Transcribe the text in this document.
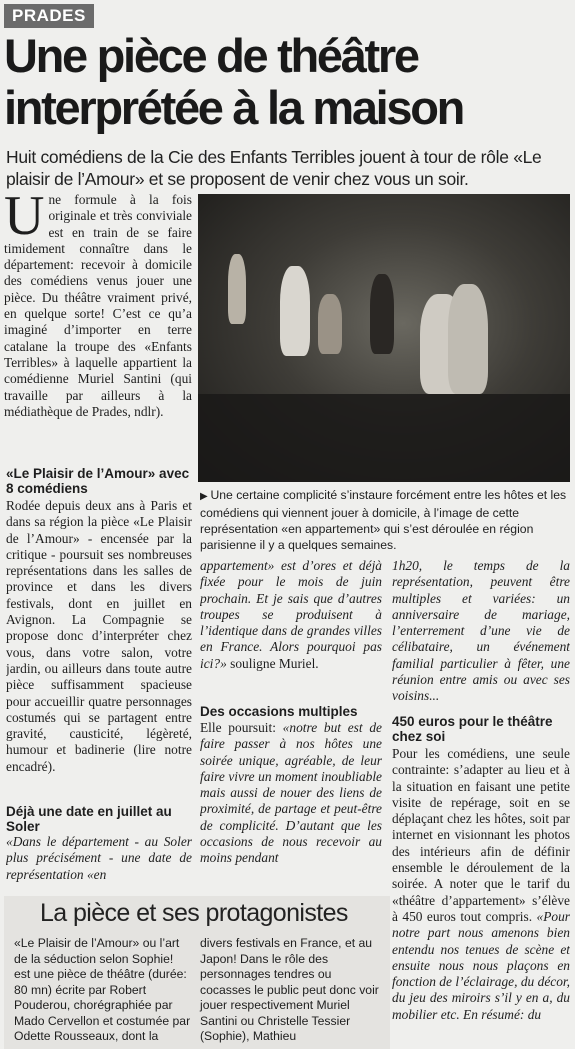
PRADES
Une pièce de théâtre interprétée à la maison
Huit comédiens de la Cie des Enfants Terribles jouent à tour de rôle «Le plaisir de l’Amour» et se proposent de venir chez vous un soir.
Une formule à la fois originale et très conviviale est en train de se faire timidement connaître dans le département: recevoir à domicile des comédiens venus jouer une pièce. Du théâtre vraiment privé, en quelque sorte! C’est ce qu’a imaginé d’importer en terre catalane la troupe des «Enfants Terribles» à laquelle appartient la comédienne Muriel Santini (qui travaille par ailleurs à la médiathèque de Prades, ndlr).
«Le Plaisir de l’Amour» avec 8 comédiens
Rodée depuis deux ans à Paris et dans sa région la pièce «Le Plaisir de l’Amour» - encensée par la critique - poursuit ses nombreuses représentations dans les salles de province et dans les divers festivals, dont en juillet en Avignon. La Compagnie se propose donc d’interpréter chez vous, dans votre salon, votre jardin, ou ailleurs dans toute autre pièce suffisamment spacieuse pour accueillir quatre personnages costumés qui se partagent entre gravité, causticité, légèreté, humour et badinerie (lire notre encadré).
Déjà une date en juillet au Soler
«Dans le département - au Soler plus précisément - une date de représentation «en
▶ Une certaine complicité s’instaure forcément entre les hôtes et les comédiens qui viennent jouer à domicile, à l’image de cette représentation «en appartement» qui s’est déroulée en région parisienne il y a quelques semaines.
appartement» est d’ores et déjà fixée pour le mois de juin prochain. Et je sais que d’autres troupes se produisent à l’identique dans de grandes villes en France. Alors pourquoi pas ici?» souligne Muriel.
Des occasions multiples
Elle poursuit: «notre but est de faire passer à nos hôtes une soirée unique, agréable, de leur faire vivre un moment inoubliable mais aussi de nouer des liens de proximité, de partage et peut-être de complicité. D’autant que les occasions de nous recevoir au moins pendant
1h20, le temps de la représentation, peuvent être multiples et variées: un anniversaire de mariage, l’enterrement d’une vie de célibataire, un événement familial particulier à fêter, une réunion entre amis ou avec ses voisins...
450 euros pour le théâtre chez soi
Pour les comédiens, une seule contrainte: s’adapter au lieu et à la situation en faisant une petite visite de repérage, soit en se déplaçant chez les hôtes, soit par internet en visionnant les photos des intérieurs afin de définir ensemble le déroulement de la soirée. A noter que le tarif du «théâtre d’appartement» s’élève à 450 euros tout compris. «Pour notre part nous amenons bien entendu nos tenues de scène et ensuite nous nous plaçons en fonction de l’éclairage, du décor, du jeu des miroirs s’il y en a, du mobilier etc. En résumé: du
La pièce et ses protagonistes
«Le Plaisir de l’Amour» ou l’art de la séduction selon Sophie! est une pièce de théâtre (durée: 80 mn) écrite par Robert Pouderou, chorégraphiée par Mado Cervellon et costumée par Odette Rousseaux, dont la
divers festivals en France, et au Japon! Dans le rôle des personnages tendres ou cocasses le public peut donc voir jouer respectivement Muriel Santini ou Christelle Tessier (Sophie), Mathieu
